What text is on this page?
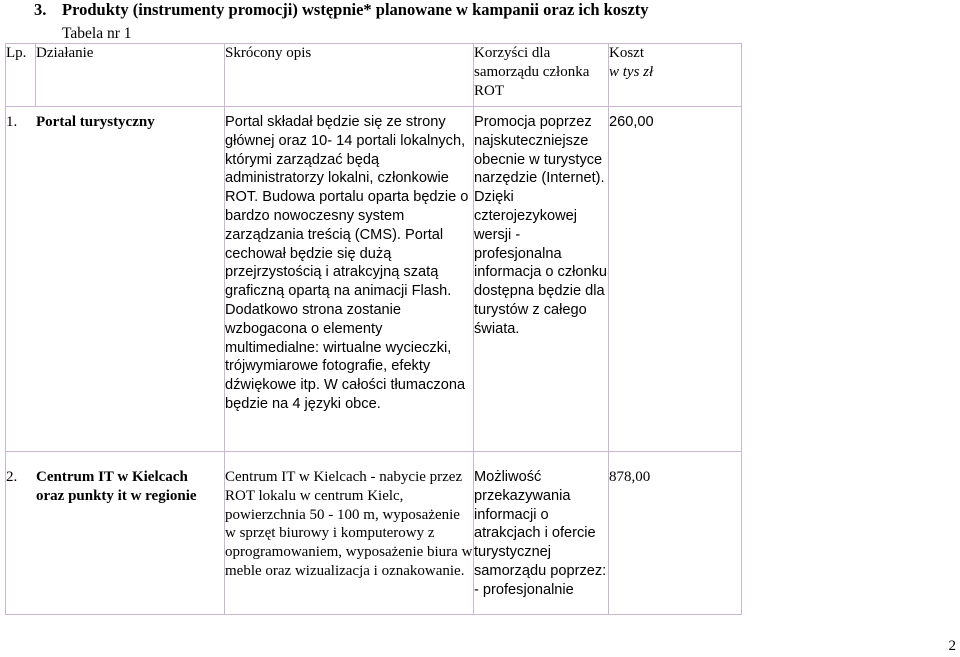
3. Produkty (instrumenty promocji) wstępnie* planowane w kampanii oraz ich koszty
Tabela nr 1
Lp.	Działanie	Skrócony opis	Korzyści dla samorządu członka ROT	Koszt
w tys zł

1. Portal turystyczny		Portal składał będzie się ze strony głównej oraz 10- 14 portali lokalnych, którymi zarządzać będą administratorzy lokalni, członkowie ROT. Budowa portalu oparta będzie o bardzo nowoczesny system zarządzania treścią (CMS). Portal cechował będzie się dużą przejrzystością i atrakcyjną szatą graficzną opartą na animacji Flash. Dodatkowo strona zostanie wzbogacona o elementy multimedialne: wirtualne wycieczki, trójwymiarowe fotografie, efekty dźwiękowe itp. W całości tłumaczona będzie na 4 języki obce.	Promocja poprzez najskuteczniejsze obecnie w turystyce narzędzie (Internet). Dzięki czterojezykowej wersji - profesjonalna informacja o członku dostępna będzie dla turystów z całego świata.	260,00

2. Centrum IT w Kielcach oraz punkty it w regionie		Centrum IT w Kielcach - nabycie przez ROT lokalu w centrum Kielc, powierzchnia 50 - 100 m, wyposażenie w sprzęt biurowy i komputerowy z oprogramowaniem, wyposażenie biura w meble oraz wizualizacja i oznakowanie.	Możliwość przekazywania informacji o atrakcjach i ofercie turystycznej samorządu poprzez: - profesjonalnie	878,00
2
